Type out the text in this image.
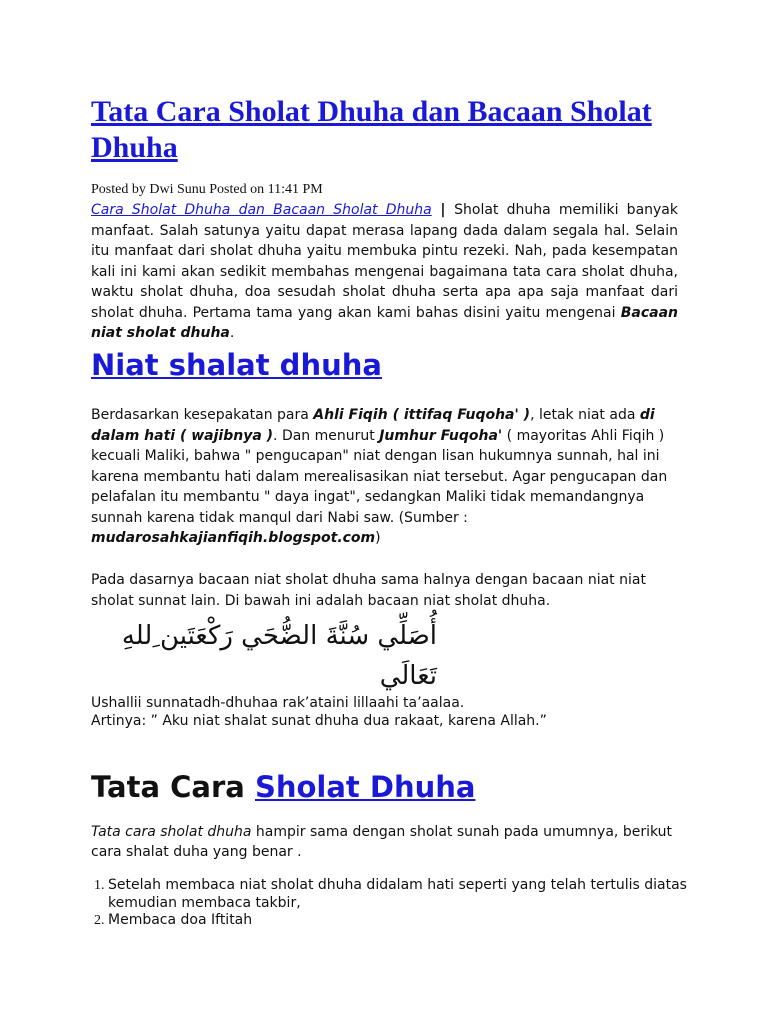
Tata Cara Sholat Dhuha dan Bacaan Sholat Dhuha
Posted by Dwi Sunu Posted on 11:41 PM
Cara Sholat Dhuha dan Bacaan Sholat Dhuha | Sholat dhuha memiliki banyak manfaat. Salah satunya yaitu dapat merasa lapang dada dalam segala hal. Selain itu manfaat dari sholat dhuha yaitu membuka pintu rezeki. Nah, pada kesempatan kali ini kami akan sedikit membahas mengenai bagaimana tata cara sholat dhuha, waktu sholat dhuha, doa sesudah sholat dhuha serta apa apa saja manfaat dari sholat dhuha. Pertama tama yang akan kami bahas disini yaitu mengenai Bacaan niat sholat dhuha.
Niat shalat dhuha
Berdasarkan kesepakatan para Ahli Fiqih ( ittifaq Fuqoha' ), letak niat ada di dalam hati ( wajibnya ). Dan menurut Jumhur Fuqoha' ( mayoritas Ahli Fiqih ) kecuali Maliki, bahwa " pengucapan" niat dengan lisan hukumnya sunnah, hal ini karena membantu hati dalam merealisasikan niat tersebut. Agar pengucapan dan pelafalan itu membantu " daya ingat", sedangkan Maliki tidak memandangnya sunnah karena tidak manqul dari Nabi saw. (Sumber : mudarosahkajianfiqih.blogspot.com)
Pada dasarnya bacaan niat sholat dhuha sama halnya dengan bacaan niat niat sholat sunnat lain. Di bawah ini adalah bacaan niat sholat dhuha.
أُصَلِّي سُنَّةَ الضُّحَي رَكْعَتَين ِللهِ تَعَالَي
Ushallii sunnatadh-dhuhaa rak’ataini lillaahi ta’aalaa.
Artinya: ” Aku niat shalat sunat dhuha dua rakaat, karena Allah.”
Tata Cara Sholat Dhuha
Tata cara sholat dhuha hampir sama dengan sholat sunah pada umumnya, berikut cara shalat duha yang benar .
1. Setelah membaca niat sholat dhuha didalam hati seperti yang telah tertulis diatas kemudian membaca takbir,
2. Membaca doa Iftitah
